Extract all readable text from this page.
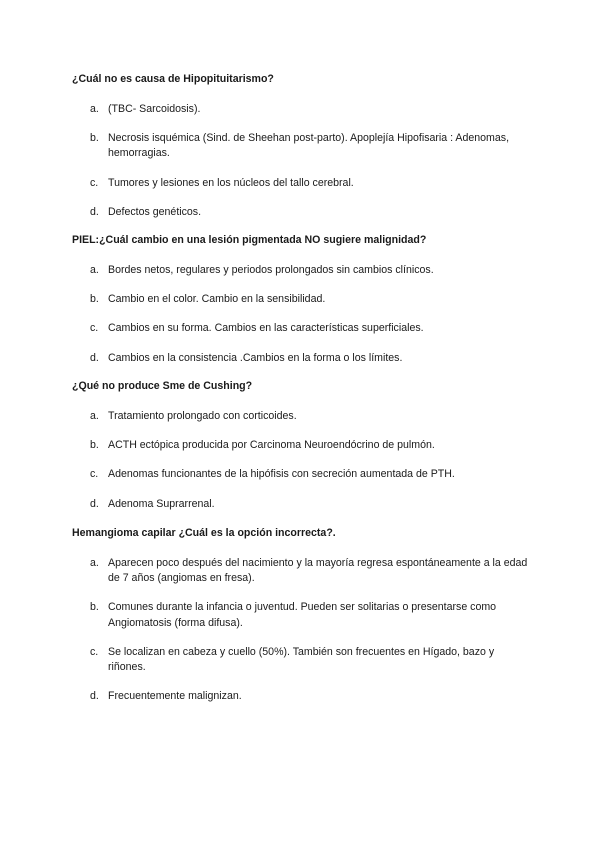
¿Cuál no es causa de Hipopituitarismo?

a. (TBC- Sarcoidosis).
b. Necrosis isquémica (Sind. de Sheehan post-parto). Apoplejía Hipofisaria : Adenomas, hemorragias.
c. Tumores y lesiones en los núcleos del tallo cerebral.
d. Defectos genéticos.

PIEL:¿Cuál cambio en una lesión pigmentada NO sugiere malignidad?

a. Bordes netos, regulares y periodos prolongados sin cambios clínicos.
b. Cambio en el color. Cambio en la sensibilidad.
c. Cambios en su forma. Cambios en las características superficiales.
d. Cambios en la consistencia .Cambios en la forma o los límites.

¿Qué no produce Sme de Cushing?

a. Tratamiento prolongado con corticoides.
b. ACTH ectópica producida por Carcinoma Neuroendócrino de pulmón.
c. Adenomas funcionantes de la hipófisis con secreción aumentada de PTH.
d. Adenoma Suprarrenal.

Hemangioma capilar ¿Cuál es la opción incorrecta?.

a. Aparecen poco después del nacimiento y la mayoría regresa espontáneamente a la edad de 7 años (angiomas en fresa).
b. Comunes durante la infancia o juventud. Pueden ser solitarias o presentarse como Angiomatosis (forma difusa).
c. Se localizan en cabeza y cuello (50%). También son frecuentes en Hígado, bazo y riñones.
d. Frecuentemente malignizan.
